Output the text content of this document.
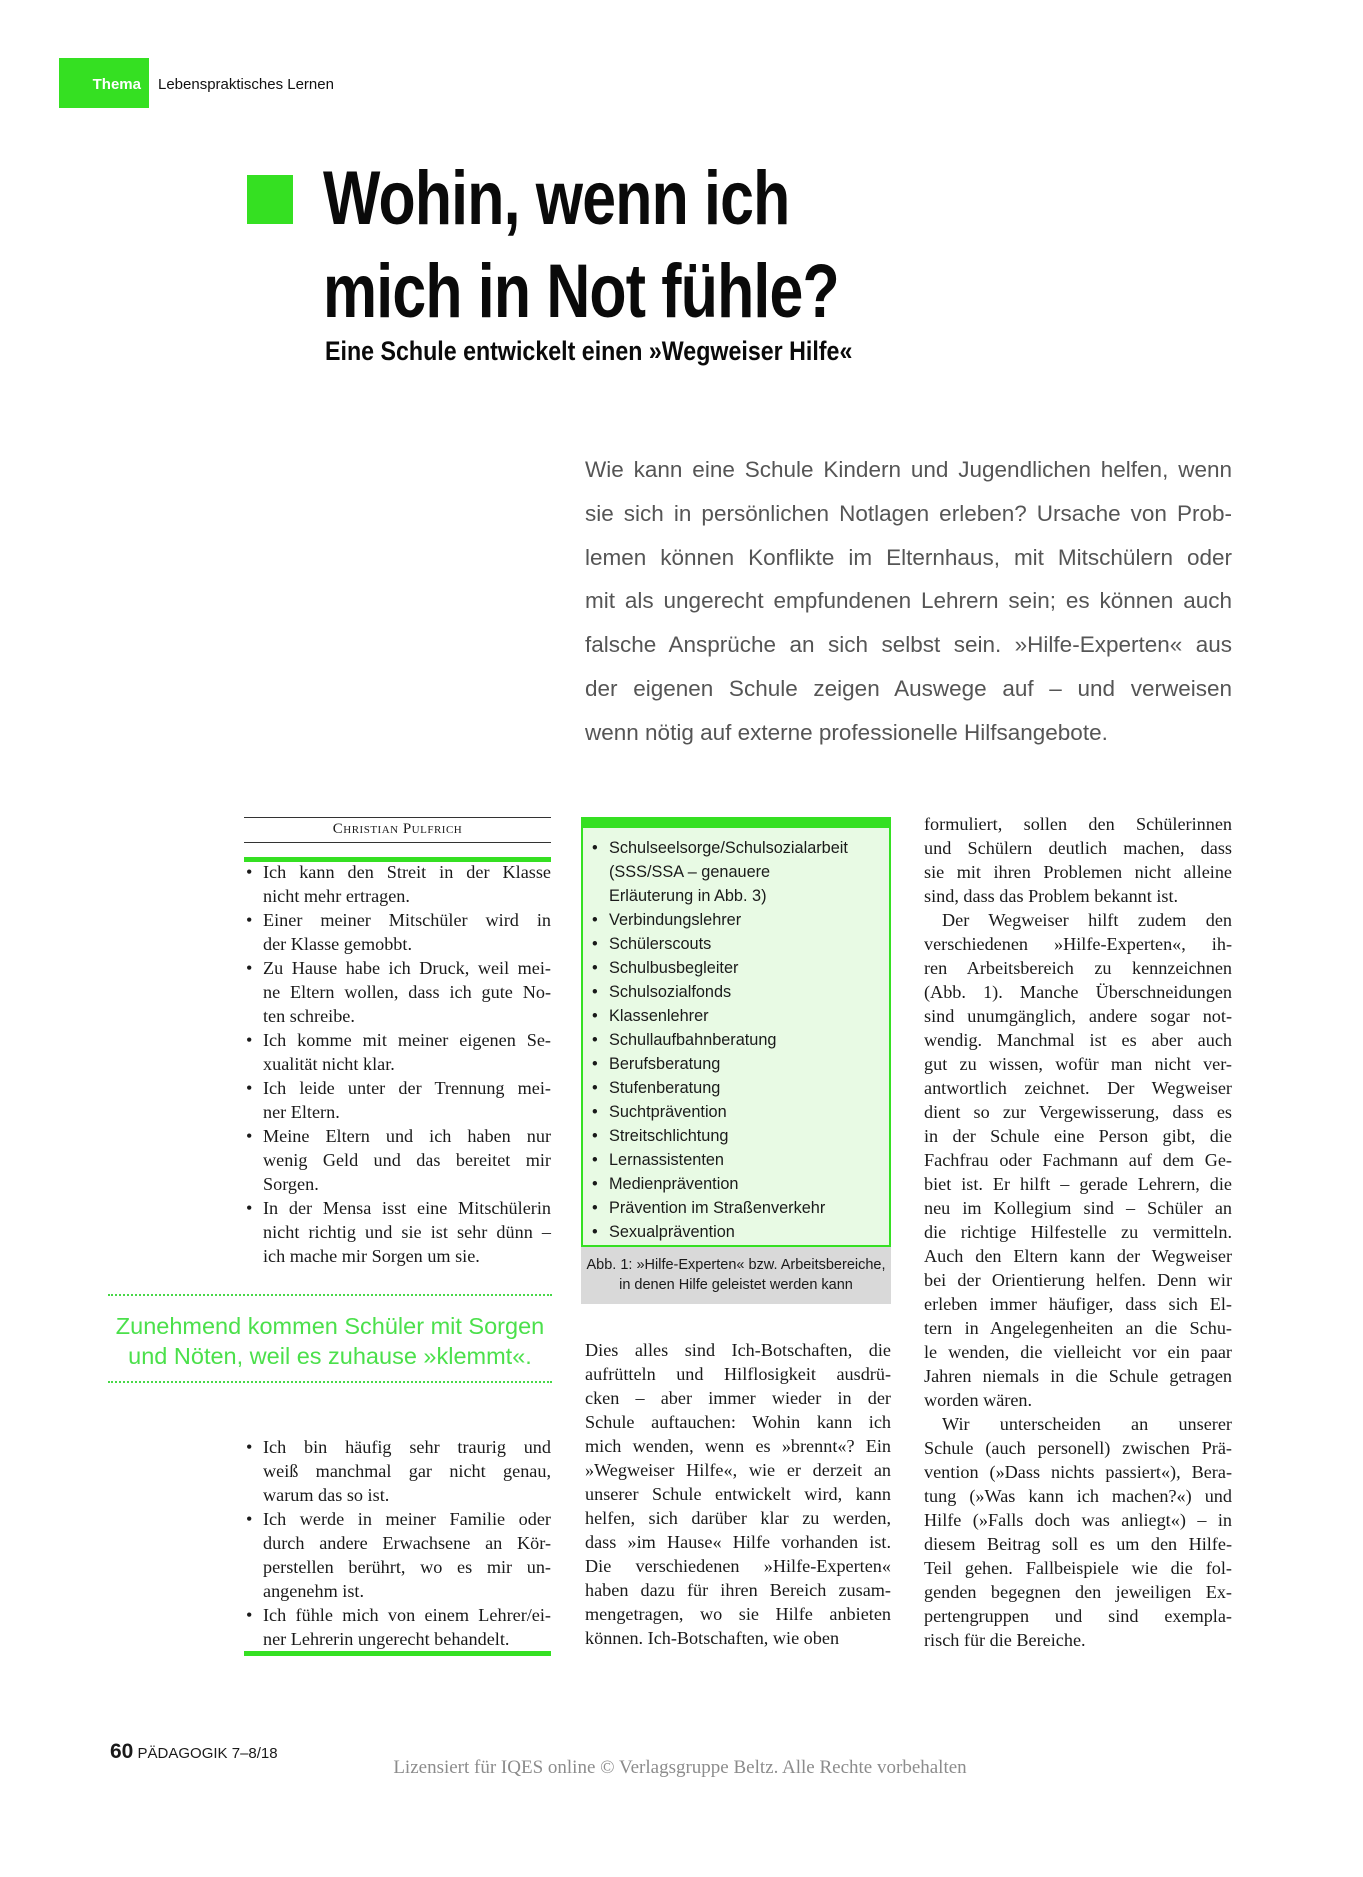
Thema Lebenspraktisches Lernen
Wohin, wenn ich
mich in Not fühle?
Eine Schule entwickelt einen »Wegweiser Hilfe«
Wie kann eine Schule Kindern und Jugendlichen helfen, wenn
sie sich in persönlichen Notlagen erleben? Ursache von Prob-
lemen können Konflikte im Elternhaus, mit Mitschülern oder
mit als ungerecht empfundenen Lehrern sein; es können auch
falsche Ansprüche an sich selbst sein. »Hilfe-Experten« aus
der eigenen Schule zeigen Auswege auf – und verweisen
wenn nötig auf externe professionelle Hilfsangebote.
Christian Pulfrich
• Ich kann den Streit in der Klasse
nicht mehr ertragen.
• Einer meiner Mitschüler wird in
der Klasse gemobbt.
• Zu Hause habe ich Druck, weil mei-
ne Eltern wollen, dass ich gute No-
ten schreibe.
• Ich komme mit meiner eigenen Se-
xualität nicht klar.
• Ich leide unter der Trennung mei-
ner Eltern.
• Meine Eltern und ich haben nur
wenig Geld und das bereitet mir
Sorgen.
• In der Mensa isst eine Mitschülerin
nicht richtig und sie ist sehr dünn –
ich mache mir Sorgen um sie.
Zunehmend kommen Schüler mit Sorgen
und Nöten, weil es zuhause »klemmt«.
• Ich bin häufig sehr traurig und
weiß manchmal gar nicht genau,
warum das so ist.
• Ich werde in meiner Familie oder
durch andere Erwachsene an Kör-
perstellen berührt, wo es mir un-
angenehm ist.
• Ich fühle mich von einem Lehrer/ei-
ner Lehrerin ungerecht behandelt.
• Schulseelsorge/Schulsozialarbeit
(SSS/SSA – genauere
Erläuterung in Abb. 3)
• Verbindungslehrer
• Schülerscouts
• Schulbusbegleiter
• Schulsozialfonds
• Klassenlehrer
• Schullaufbahnberatung
• Berufsberatung
• Stufenberatung
• Suchtprävention
• Streitschlichtung
• Lernassistenten
• Medienprävention
• Prävention im Straßenverkehr
• Sexualprävention
Abb. 1: »Hilfe-Experten« bzw. Arbeitsbereiche,
in denen Hilfe geleistet werden kann
Dies alles sind Ich-Botschaften, die
aufrütteln und Hilflosigkeit ausdrü-
cken – aber immer wieder in der
Schule auftauchen: Wohin kann ich
mich wenden, wenn es »brennt«? Ein
»Wegweiser Hilfe«, wie er derzeit an
unserer Schule entwickelt wird, kann
helfen, sich darüber klar zu werden,
dass »im Hause« Hilfe vorhanden ist.
Die verschiedenen »Hilfe-Experten«
haben dazu für ihren Bereich zusam-
mengetragen, wo sie Hilfe anbieten
können. Ich-Botschaften, wie oben
formuliert, sollen den Schülerinnen
und Schülern deutlich machen, dass
sie mit ihren Problemen nicht alleine
sind, dass das Problem bekannt ist.
Der Wegweiser hilft zudem den
verschiedenen »Hilfe-Experten«, ih-
ren Arbeitsbereich zu kennzeichnen
(Abb. 1). Manche Überschneidungen
sind unumgänglich, andere sogar not-
wendig. Manchmal ist es aber auch
gut zu wissen, wofür man nicht ver-
antwortlich zeichnet. Der Wegweiser
dient so zur Vergewisserung, dass es
in der Schule eine Person gibt, die
Fachfrau oder Fachmann auf dem Ge-
biet ist. Er hilft – gerade Lehrern, die
neu im Kollegium sind – Schüler an
die richtige Hilfestelle zu vermitteln.
Auch den Eltern kann der Wegweiser
bei der Orientierung helfen. Denn wir
erleben immer häufiger, dass sich El-
tern in Angelegenheiten an die Schu-
le wenden, die vielleicht vor ein paar
Jahren niemals in die Schule getragen
worden wären.
Wir unterscheiden an unserer
Schule (auch personell) zwischen Prä-
vention (»Dass nichts passiert«), Bera-
tung (»Was kann ich machen?«) und
Hilfe (»Falls doch was anliegt«) – in
diesem Beitrag soll es um den Hilfe-
Teil gehen. Fallbeispiele wie die fol-
genden begegnen den jeweiligen Ex-
pertengruppen und sind exempla-
risch für die Bereiche.
60 PÄDAGOGIK 7–8/18
Lizensiert für IQES online © Verlagsgruppe Beltz. Alle Rechte vorbehalten
